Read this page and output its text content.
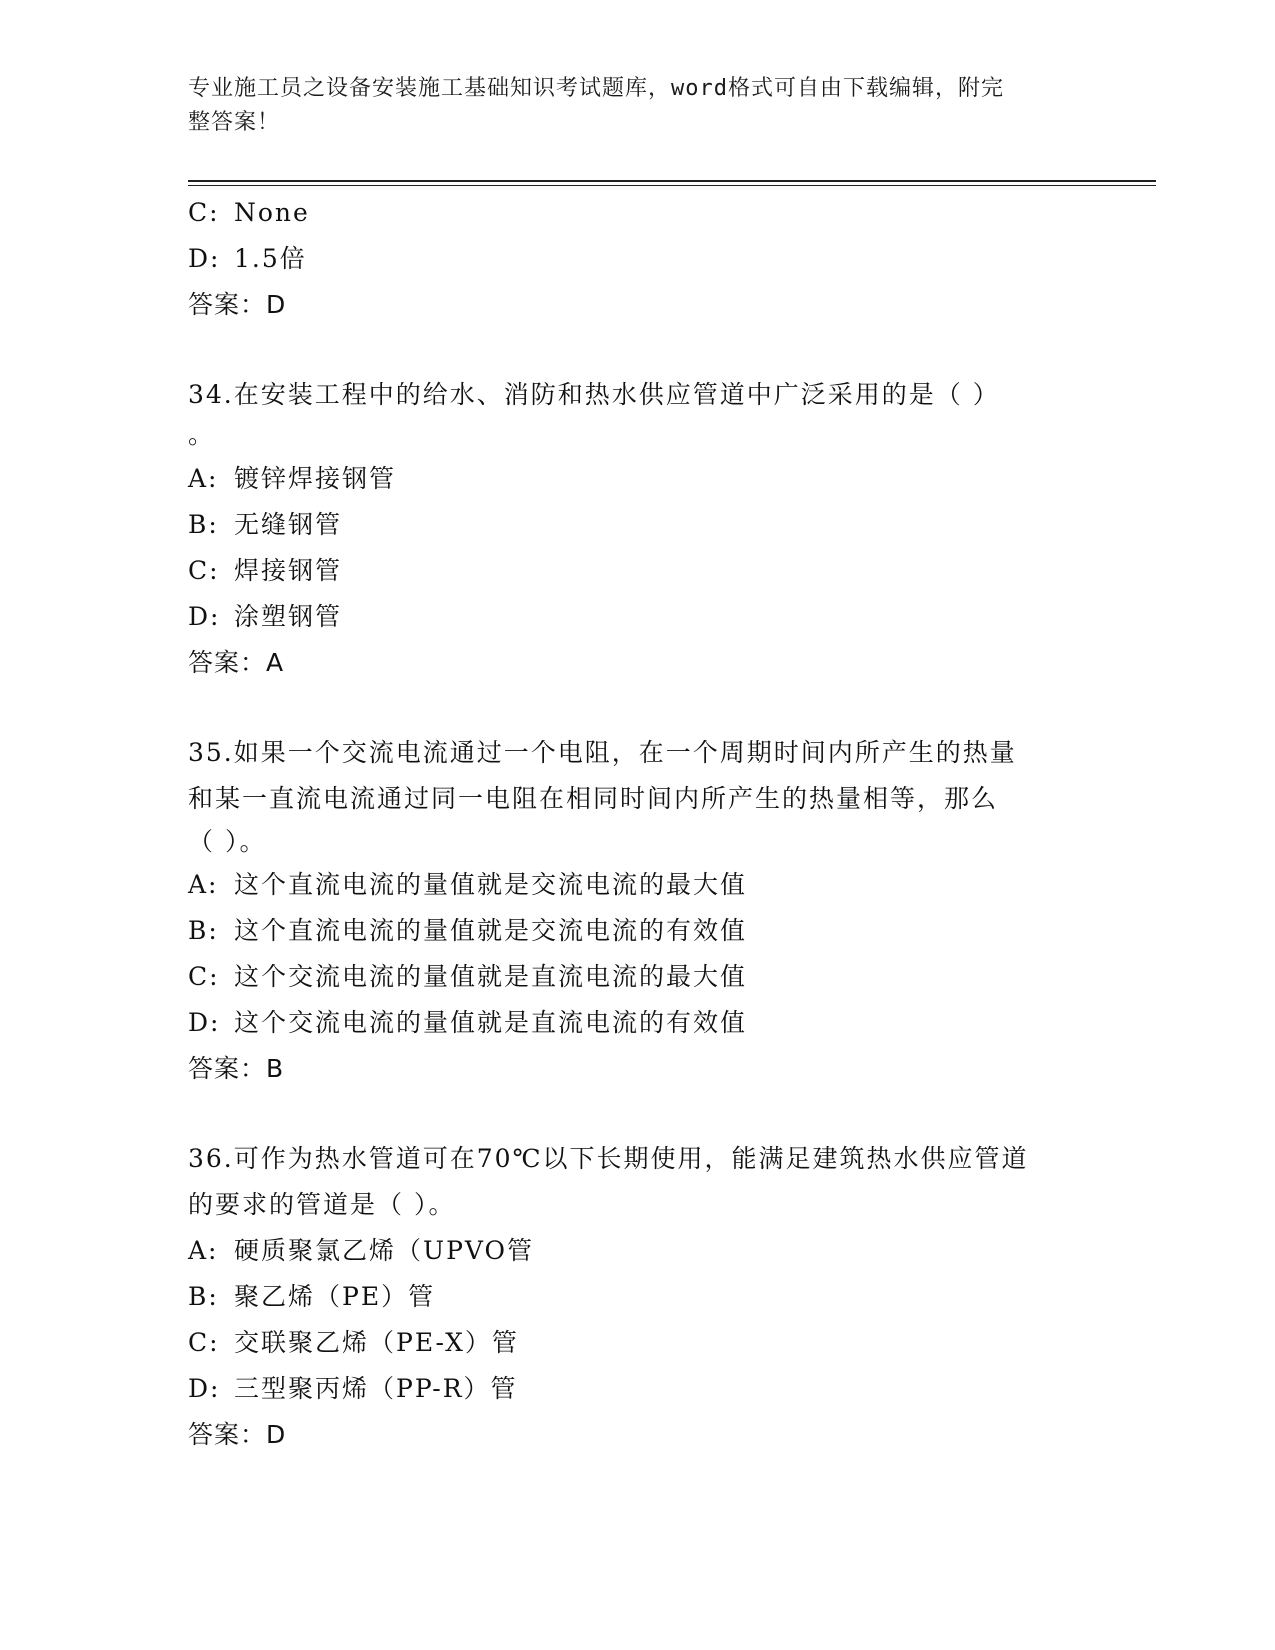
专业施工员之设备安装施工基础知识考试题库，word格式可自由下载编辑，附完
整答案！
C: None
D: 1.5倍
答案：D
34.在安装工程中的给水、消防和热水供应管道中广泛采用的是（ ）
。
A: 镀锌焊接钢管
B: 无缝钢管
C: 焊接钢管
D: 涂塑钢管
答案：A
35.如果一个交流电流通过一个电阻，在一个周期时间内所产生的热量
和某一直流电流通过同一电阻在相同时间内所产生的热量相等，那么
（ ）。
A: 这个直流电流的量值就是交流电流的最大值
B: 这个直流电流的量值就是交流电流的有效值
C: 这个交流电流的量值就是直流电流的最大值
D: 这个交流电流的量值就是直流电流的有效值
答案：B
36.可作为热水管道可在70℃以下长期使用，能满足建筑热水供应管道
的要求的管道是（ ）。
A: 硬质聚氯乙烯（UPVO管
B: 聚乙烯（PE）管
C: 交联聚乙烯（PE-X）管
D: 三型聚丙烯（PP-R）管
答案：D
